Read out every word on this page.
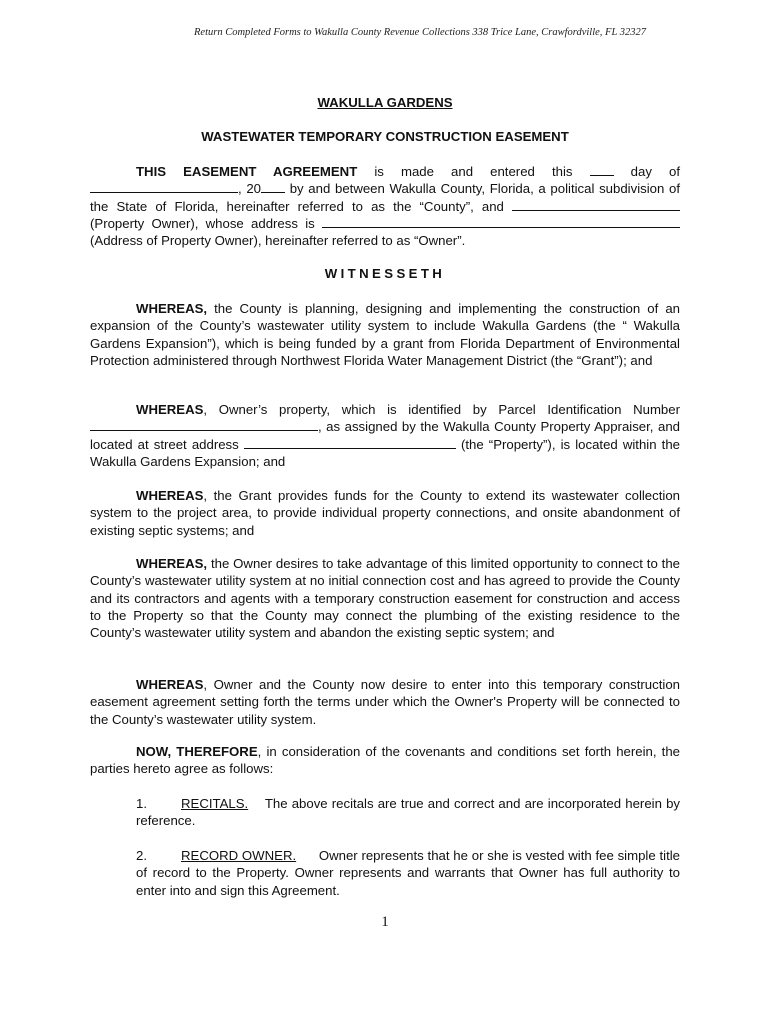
Return Completed Forms to Wakulla County Revenue Collections 338 Trice Lane, Crawfordville, FL 32327
WAKULLA GARDENS
WASTEWATER TEMPORARY CONSTRUCTION EASEMENT
THIS EASEMENT AGREEMENT is made and entered this  day of , 20 by and between Wakulla County, Florida, a political subdivision of the State of Florida, hereinafter referred to as the “County”, and  (Property Owner), whose address is  (Address of Property Owner), hereinafter referred to as “Owner”.
WITNESSETH
WHEREAS, the County is planning, designing and implementing the construction of an expansion of the County’s wastewater utility system to include Wakulla Gardens (the “ Wakulla Gardens Expansion”), which is being funded by a grant from Florida Department of Environmental Protection administered through Northwest Florida Water Management District (the “Grant”); and
WHEREAS, Owner’s property, which is identified by Parcel Identification Number , as assigned by the Wakulla County Property Appraiser, and located at street address	(the “Property”), is located within the Wakulla Gardens Expansion; and
WHEREAS, the Grant provides funds for the County to extend its wastewater collection system to the project area, to provide individual property connections, and onsite abandonment of existing septic systems; and
WHEREAS, the Owner desires to take advantage of this limited opportunity to connect to the County’s wastewater utility system at no initial connection cost and has agreed to provide the County and its contractors and agents with a temporary construction easement for construction and access to the Property so that the County may connect the plumbing of the existing residence to the County’s wastewater utility system and abandon the existing septic system; and
WHEREAS, Owner and the County now desire to enter into this temporary construction easement agreement setting forth the terms under which the Owner's Property will be connected to the County’s wastewater utility system.
NOW, THEREFORE, in consideration of the covenants and conditions set forth herein, the parties hereto agree as follows:
1.	RECITALS. The above recitals are true and correct and are incorporated herein by reference.
2.	RECORD OWNER. Owner represents that he or she is vested with fee simple title of record to the Property. Owner represents and warrants that Owner has full authority to enter into and sign this Agreement.
1
